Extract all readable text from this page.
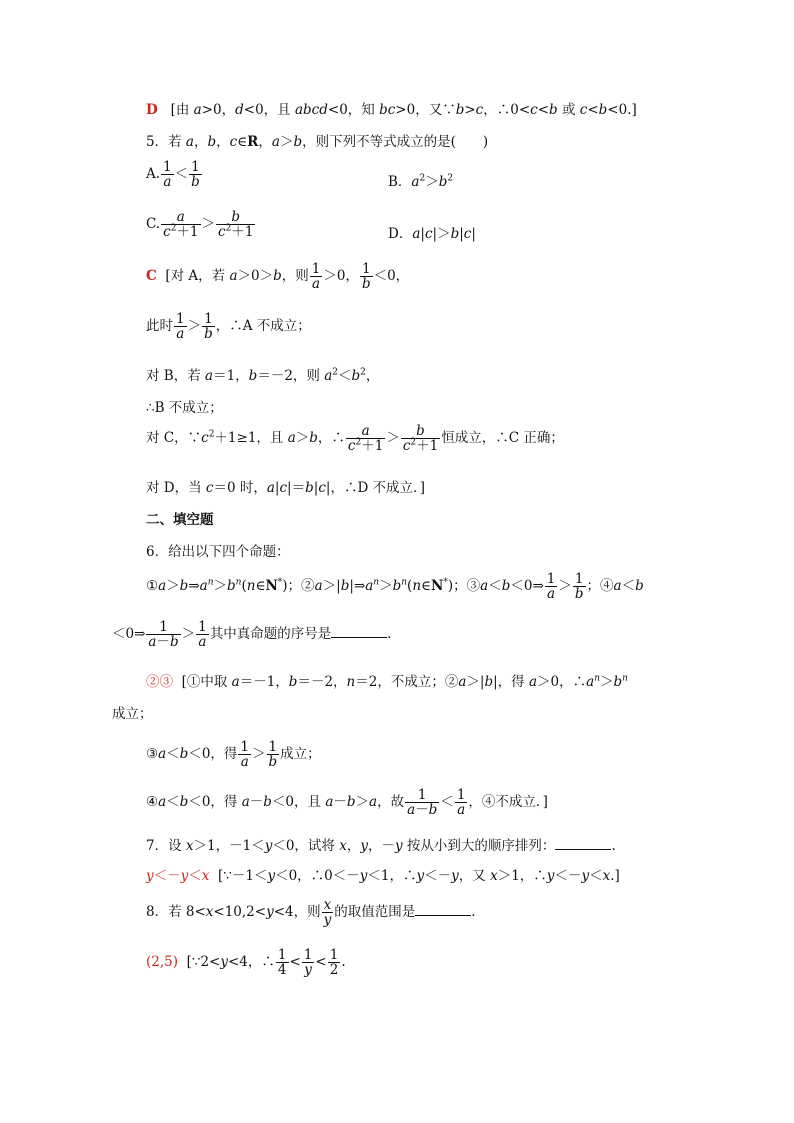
D   [由 a>0，d<0，且 abcd<0，知 bc>0，又∵b>c，∴0<c<b 或 c<b<0.]
5．若 a，b，c∈R，a＞b，则下列不等式成立的是(　　)
A. $\frac{1}{a} < \frac{1}{b}$	B．$a^2>b^2$
C. $\frac{a}{c^2+1} > \frac{b}{c^2+1}$	D．a|c|＞b|c|
C  [对 A，若 a＞0＞b，则 $\frac{1}{a} >0$， $\frac{1}{b} <0$，
此时 $\frac{1}{a} > \frac{1}{b}$ ，∴A 不成立；
对 B，若 a＝1，b＝－2，则 $a^2<b^2$，
∴B 不成立；
对 C，$\because c^2+1\ge 1$，且 a＞b，∴ $\frac{a}{c^2+1} > \frac{b}{c^2+1}$ 恒成立，∴C 正确；
对 D，当 c＝0 时，a|c|＝b|c|，∴D 不成立．]
二、填空题
6．给出以下四个命题：
$①a>b\Rightarrow a^n>b^n(n\in N^*)$；$②a>|b|\Rightarrow a^n>b^n(n\in N^*)$；③a＜b＜0⇒ $\frac{1}{a} > \frac{1}{b}$ ；④a＜b
＜0⇒ $\frac{1}{a-b} > \frac{1}{a}$ 其中真命题的序号是	．
②③  [①中取 a＝－1，b＝－2，n＝2，不成立；②a＞|b|，得 a＞0，$\therefore a^n>b^n$
成立；
③a＜b＜0，得 $\frac{1}{a} > \frac{1}{b}$ 成立；
④a＜b＜0，得 a－b＜0，且 a－b＞a，故 $\frac{1}{a-b} < \frac{1}{a}$ ，④不成立．]
7．设 x＞1，－1＜y＜0，试将 x，y，－y 按从小到大的顺序排列：	.
y＜－y＜x  [∵－1＜y＜0，∴0＜－y＜1，∴y＜－y，又 x＞1，∴y＜－y＜x.]
8．若 8<x<10,2<y<4，则 $\frac{x}{y}$ 的取值范围是	.
(2,5)  [∵2<y<4，∴ $\frac{1}{4} < \frac{1}{y} < \frac{1}{2}$ .
